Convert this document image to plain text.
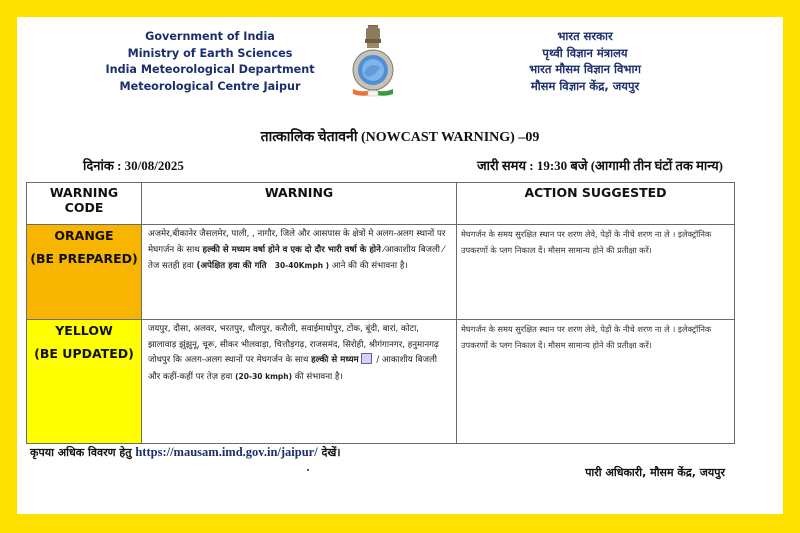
Government of India
Ministry of Earth Sciences
India Meteorological Department
Meteorological Centre Jaipur
भारत सरकार
पृथ्वी विज्ञान मंत्रालय
भारत मौसम विज्ञान विभाग
मौसम विज्ञान केंद्र, जयपुर
तात्कालिक चेतावनी (NOWCAST WARNING) –09
दिनांक : 30/08/2025	जारी समय : 19:30 बजे (आगामी तीन घंटों तक मान्य)
WARNING CODE	WARNING	ACTION SUGGESTED

ORANGE
(BE PREPARED)	अजमेर,बीकानेर जैसलमेर, पाली, , नागौर, जिले और आसपास के क्षेत्रों मे अलग-अलग स्थानों पर मेघगर्जन के साथ हल्की से मध्यम वर्षा होने व एक दो दौर भारी वर्षा के होने ⁄आकाशीय बिजली ⁄ तेज सतही हवा (अपेक्षित हवा की गति 30-40Kmph ) आने की की संभावना है।	मेघगर्जन के समय सुरक्षित स्थान पर शरण लेवे, पेड़ों के नीचे शरण ना ले । इलेक्ट्रॉनिक उपकरणों के प्लग निकाल दें। मौसम सामान्य होने की प्रतीक्षा करें।

YELLOW
(BE UPDATED)	जयपुर, दौसा, अलवर, भरतपुर, धौलपुर, करौली, सवाईमाधोपुर, टोंक, बूंदी, बारां, कोटा, झालावाड़ झुंझुनू, चूरू, सीकर भीलवाड़ा, चित्तौड़गढ़, राजसमंद, सिरोही, श्रीगंगानगर, हनुमानगढ़ जोधपुर कि अलग-अलग स्थानों पर मेघगर्जन के साथ हल्की से मध्यम / आकाशीय बिजली और कहीं-कहीं पर तेज़ हवा (20-30 kmph) की संभावना है।	मेघगर्जन के समय सुरक्षित स्थान पर शरण लेवे, पेड़ों के नीचे शरण ना ले । इलेक्ट्रॉनिक उपकरणों के प्लग निकाल दें। मौसम सामान्य होने की प्रतीक्षा करें।
कृपया अधिक विवरण हेतु https://mausam.imd.gov.in/jaipur/ देखें।
पारी अधिकारी, मौसम केंद्र, जयपुर
